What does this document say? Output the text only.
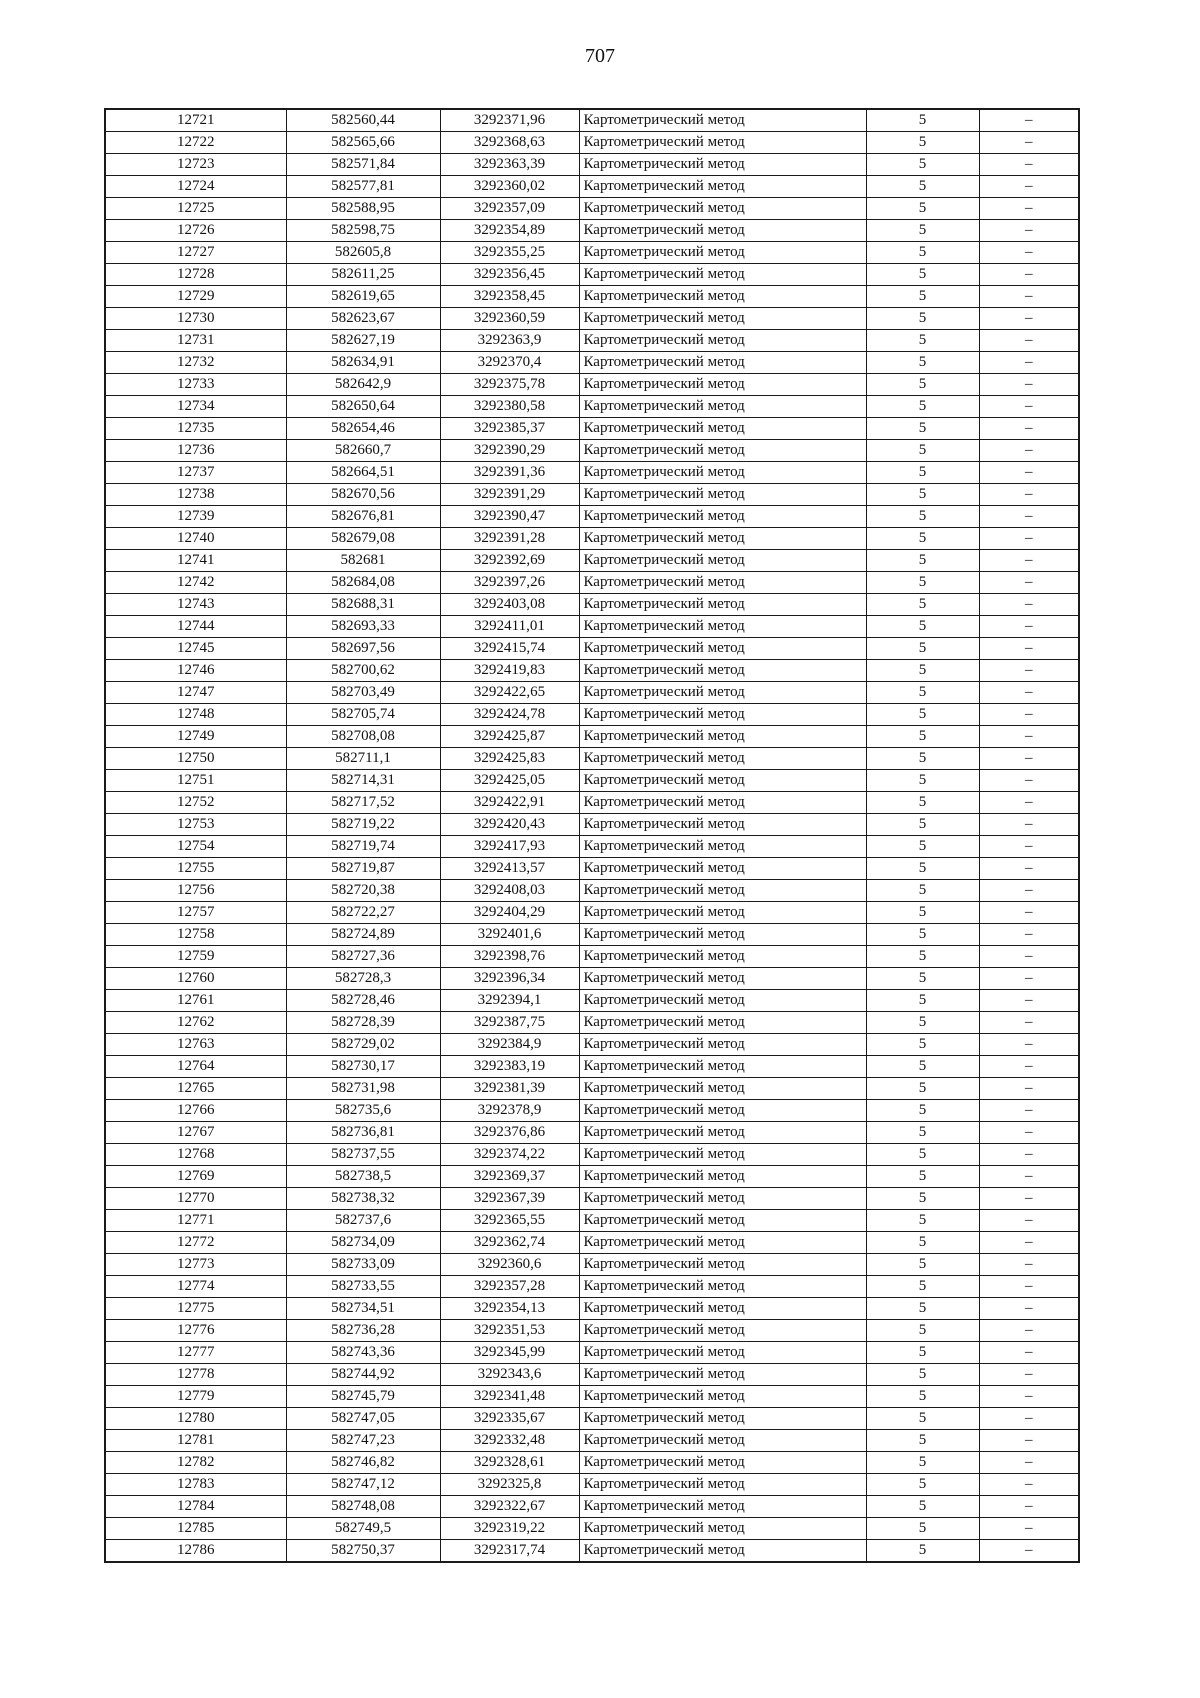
707
12721	582560,44	3292371,96	Картометрический метод	5	–
12722	582565,66	3292368,63	Картометрический метод	5	–
12723	582571,84	3292363,39	Картометрический метод	5	–
12724	582577,81	3292360,02	Картометрический метод	5	–
12725	582588,95	3292357,09	Картометрический метод	5	–
12726	582598,75	3292354,89	Картометрический метод	5	–
12727	582605,8	3292355,25	Картометрический метод	5	–
12728	582611,25	3292356,45	Картометрический метод	5	–
12729	582619,65	3292358,45	Картометрический метод	5	–
12730	582623,67	3292360,59	Картометрический метод	5	–
12731	582627,19	3292363,9	Картометрический метод	5	–
12732	582634,91	3292370,4	Картометрический метод	5	–
12733	582642,9	3292375,78	Картометрический метод	5	–
12734	582650,64	3292380,58	Картометрический метод	5	–
12735	582654,46	3292385,37	Картометрический метод	5	–
12736	582660,7	3292390,29	Картометрический метод	5	–
12737	582664,51	3292391,36	Картометрический метод	5	–
12738	582670,56	3292391,29	Картометрический метод	5	–
12739	582676,81	3292390,47	Картометрический метод	5	–
12740	582679,08	3292391,28	Картометрический метод	5	–
12741	582681	3292392,69	Картометрический метод	5	–
12742	582684,08	3292397,26	Картометрический метод	5	–
12743	582688,31	3292403,08	Картометрический метод	5	–
12744	582693,33	3292411,01	Картометрический метод	5	–
12745	582697,56	3292415,74	Картометрический метод	5	–
12746	582700,62	3292419,83	Картометрический метод	5	–
12747	582703,49	3292422,65	Картометрический метод	5	–
12748	582705,74	3292424,78	Картометрический метод	5	–
12749	582708,08	3292425,87	Картометрический метод	5	–
12750	582711,1	3292425,83	Картометрический метод	5	–
12751	582714,31	3292425,05	Картометрический метод	5	–
12752	582717,52	3292422,91	Картометрический метод	5	–
12753	582719,22	3292420,43	Картометрический метод	5	–
12754	582719,74	3292417,93	Картометрический метод	5	–
12755	582719,87	3292413,57	Картометрический метод	5	–
12756	582720,38	3292408,03	Картометрический метод	5	–
12757	582722,27	3292404,29	Картометрический метод	5	–
12758	582724,89	3292401,6	Картометрический метод	5	–
12759	582727,36	3292398,76	Картометрический метод	5	–
12760	582728,3	3292396,34	Картометрический метод	5	–
12761	582728,46	3292394,1	Картометрический метод	5	–
12762	582728,39	3292387,75	Картометрический метод	5	–
12763	582729,02	3292384,9	Картометрический метод	5	–
12764	582730,17	3292383,19	Картометрический метод	5	–
12765	582731,98	3292381,39	Картометрический метод	5	–
12766	582735,6	3292378,9	Картометрический метод	5	–
12767	582736,81	3292376,86	Картометрический метод	5	–
12768	582737,55	3292374,22	Картометрический метод	5	–
12769	582738,5	3292369,37	Картометрический метод	5	–
12770	582738,32	3292367,39	Картометрический метод	5	–
12771	582737,6	3292365,55	Картометрический метод	5	–
12772	582734,09	3292362,74	Картометрический метод	5	–
12773	582733,09	3292360,6	Картометрический метод	5	–
12774	582733,55	3292357,28	Картометрический метод	5	–
12775	582734,51	3292354,13	Картометрический метод	5	–
12776	582736,28	3292351,53	Картометрический метод	5	–
12777	582743,36	3292345,99	Картометрический метод	5	–
12778	582744,92	3292343,6	Картометрический метод	5	–
12779	582745,79	3292341,48	Картометрический метод	5	–
12780	582747,05	3292335,67	Картометрический метод	5	–
12781	582747,23	3292332,48	Картометрический метод	5	–
12782	582746,82	3292328,61	Картометрический метод	5	–
12783	582747,12	3292325,8	Картометрический метод	5	–
12784	582748,08	3292322,67	Картометрический метод	5	–
12785	582749,5	3292319,22	Картометрический метод	5	–
12786	582750,37	3292317,74	Картометрический метод	5	–
